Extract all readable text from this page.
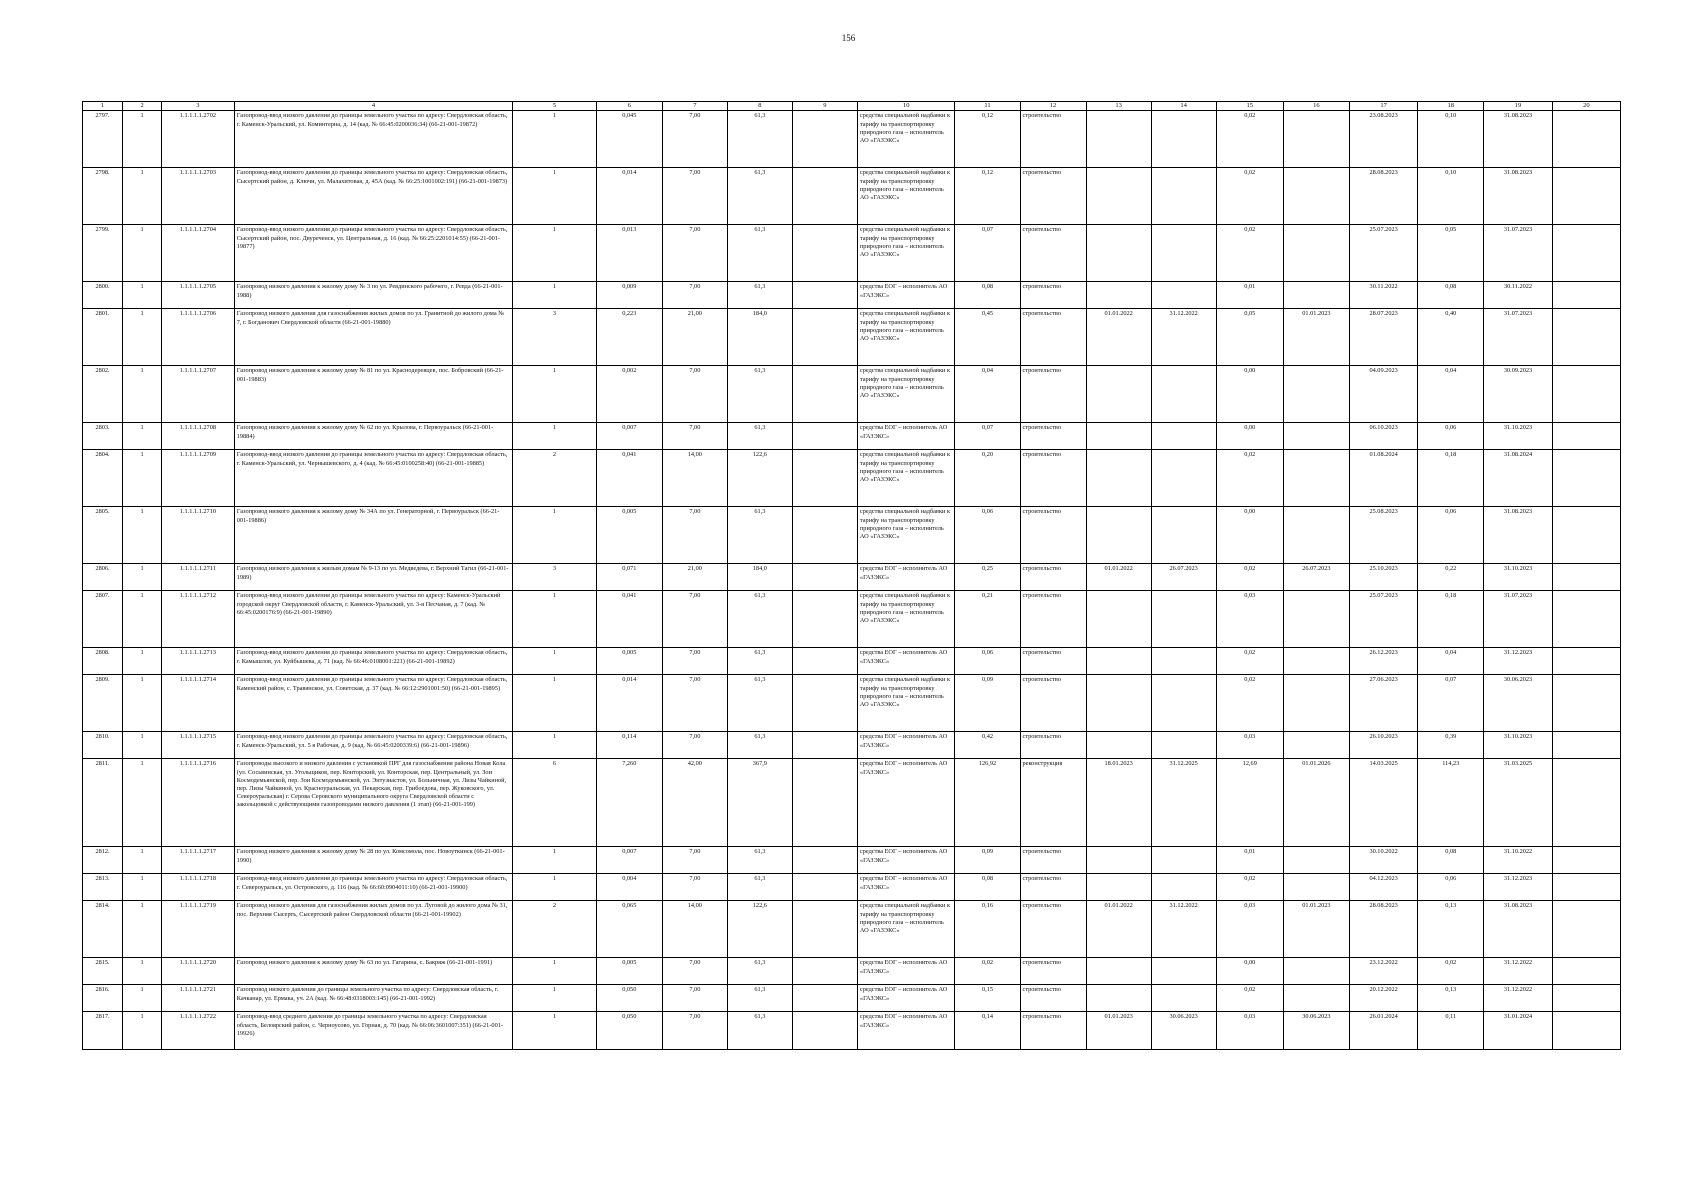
156
1	2	3	4	5	6	7	8	9	10	11	12	13	14	15	16	17	18	19	20
2797.	1	1.1.1.1.1.2702	Газопровод-ввод низкого давления до границы земельного участка по адресу: Свердловская область, г. Каменск-Уральский, ул. Коминтерна, д. 14 (кад. № 66:45:0200036:34) (66-21-001-19872)	1	0,045	7,00	61,3		средства специальной надбавки к тарифу на транспортировку природного газа – исполнитель АО «ГАЗЭКС»	0,12	строительство			0,02		23.08.2023	0,10	31.08.2023	
2798.	1	1.1.1.1.1.2703	Газопровод-ввод низкого давления до границы земельного участка по адресу: Свердловская область, Сысертский район, д. Ключи, ул. Малахитовая, д. 45А (кад. № 66:25:1001002:191) (66-21-001-19873)	1	0,014	7,00	61,3		средства специальной надбавки к тарифу на транспортировку природного газа – исполнитель АО «ГАЗЭКС»	0,12	строительство			0,02		28.08.2023	0,10	31.08.2023	
2799.	1	1.1.1.1.1.2704	Газопровод-ввод низкого давления до границы земельного участка по адресу: Свердловская область, Сысертский район, пос. Двуреченск, ул. Центральная, д. 16 (кад. № 66:25:2201014:55) (66-21-001-19877)	1	0,013	7,00	61,3		средства специальной надбавки к тарифу на транспортировку природного газа – исполнитель АО «ГАЗЭКС»	0,07	строительство			0,02		25.07.2023	0,05	31.07.2023	
2800.	1	1.1.1.1.1.2705	Газопровод низкого давления к жилому дому № 3 по ул. Ревдинского рабочего, г. Ревда (66-21-001-1988)	1	0,009	7,00	61,3		средства ЕОГ – исполнитель АО «ГАЗЭКС»	0,08	строительство			0,01		30.11.2022	0,08	30.11.2022	
2801.	1	1.1.1.1.1.2706	Газопровод низкого давления для газоснабжения жилых домов по ул. Гранитной до жилого дома № 7, г. Богданович Свердловской области (66-21-001-19880)	3	0,223	21,00	184,0		средства специальной надбавки к тарифу на транспортировку природного газа – исполнитель АО «ГАЗЭКС»	0,45	строительство	01.01.2022	31.12.2022	0,05	01.01.2023	28.07.2023	0,40	31.07.2023	
2802.	1	1.1.1.1.1.2707	Газопровод низкого давления к жилому дому № 81 по ул. Краснодеревцев, пос. Бобровский (66-21-001-19883)	1	0,002	7,00	61,3		средства специальной надбавки к тарифу на транспортировку природного газа – исполнитель АО «ГАЗЭКС»	0,04	строительство			0,00		04.09.2023	0,04	30.09.2023	
2803.	1	1.1.1.1.1.2708	Газопровод низкого давления к жилому дому № 62 по ул. Крылова, г. Первоуральск (66-21-001-19884)	1	0,007	7,00	61,3		средства ЕОГ – исполнитель АО «ГАЗЭКС»	0,07	строительство			0,00		06.10.2023	0,06	31.10.2023	
2804.	1	1.1.1.1.1.2709	Газопровод-ввод низкого давления до границы земельного участка по адресу: Свердловская область, г. Каменск-Уральский, ул. Чернышевского, д. 4 (кад. № 66:45:0100258:40) (66-21-001-19885)	2	0,041	14,00	122,6		средства специальной надбавки к тарифу на транспортировку природного газа – исполнитель АО «ГАЗЭКС»	0,20	строительство			0,02		01.08.2024	0,18	31.08.2024	
2805.	1	1.1.1.1.1.2710	Газопровод низкого давления к жилому дому № 34А по ул. Генераторной, г. Первоуральск (66-21-001-19886)	1	0,005	7,00	61,3		средства специальной надбавки к тарифу на транспортировку природного газа – исполнитель АО «ГАЗЭКС»	0,06	строительство			0,00		25.08.2023	0,06	31.08.2023	
2806.	1	1.1.1.1.1.2711	Газопровод низкого давления к жилым домам № 9-13 по ул. Медведева, г. Верхний Тагил (66-21-001-1989)	3	0,071	21,00	184,0		средства ЕОГ – исполнитель АО «ГАЗЭКС»	0,25	строительство	01.01.2022	26.07.2023	0,02	26.07.2023	25.10.2023	0,22	31.10.2023	
2807.	1	1.1.1.1.1.2712	Газопровод-ввод низкого давления до границы земельного участка по адресу: Каменск-Уральский городской округ Свердловской области, г. Каменск-Уральский, ул. 3-я Песчаная, д. 7 (кад. № 66:45:0200176:9) (66-21-001-19890)	1	0,041	7,00	61,3		средства специальной надбавки к тарифу на транспортировку природного газа – исполнитель АО «ГАЗЭКС»	0,21	строительство			0,03		25.07.2023	0,18	31.07.2023	
2808.	1	1.1.1.1.1.2713	Газопровод-ввод низкого давления до границы земельного участка по адресу: Свердловская область, г. Камышлов, ул. Куйбышева, д. 71 (кад. № 66:46:0108001:221) (66-21-001-19892)	1	0,005	7,00	61,3		средства ЕОГ – исполнитель АО «ГАЗЭКС»	0,06	строительство			0,02		26.12.2023	0,04	31.12.2023	
2809.	1	1.1.1.1.1.2714	Газопровод-ввод низкого давления до границы земельного участка по адресу: Свердловская область, Каменский район, с. Травянское, ул. Советская, д. 37 (кад. № 66:12:2901001:50) (66-21-001-19895)	1	0,014	7,00	61,3		средства специальной надбавки к тарифу на транспортировку природного газа – исполнитель АО «ГАЗЭКС»	0,09	строительство			0,02		27.06.2023	0,07	30.06.2023	
2810.	1	1.1.1.1.1.2715	Газопровод-ввод низкого давления до границы земельного участка по адресу: Свердловская область, г. Каменск-Уральский, ул. 5 я Рабочая, д. 9 (кад. № 66:45:0200339:6) (66-21-001-19896)	1	0,114	7,00	61,3		средства ЕОГ – исполнитель АО «ГАЗЭКС»	0,42	строительство			0,03		26.10.2023	0,39	31.10.2023	
2811.	1	1.1.1.1.1.2716	Газопроводы высокого и низкого давления с установкой ПРГ для газоснабжения района Новая Кола (ул. Сосьвинская, ул. Угольщиков, пер. Конторский, ул. Конторская, пер. Центральный, ул. Зои Космодемьянской, пер. Зои Космодемьянской, ул. Энтузиастов, ул. Больничная, ул. Лизы Чайкиной, пер. Лизы Чайкиной, ул. Красноуральская, ул. Пекарская, пер. Грибоедова, пер. Жуковского, ул. Североуральская) г. Серова Серовского муниципального округа Свердловской области с закольцовкой с действующими газопроводами низкого давления (1 этап) (66-21-001-199)	6	7,260	42,00	367,9		средства ЕОГ – исполнитель АО «ГАЗЭКС»	126,92	реконструкция	18.01.2023	31.12.2025	12,69	01.01.2026	14.03.2025	114,23	31.03.2025	
2812.	1	1.1.1.1.1.2717	Газопровод низкого давления к жилому дому № 28 по ул. Комсомола, пос. Новоуткинск (66-21-001-1990)	1	0,007	7,00	61,3		средства ЕОГ – исполнитель АО «ГАЗЭКС»	0,09	строительство			0,01		30.10.2022	0,08	31.10.2022	
2813.	1	1.1.1.1.1.2718	Газопровод-ввод низкого давления до границы земельного участка по адресу: Свердловская область, г. Североуральск, ул. Островского, д. 116 (кад. № 66:60:0904011:10) (66-21-001-19900)	1	0,004	7,00	61,3		средства ЕОГ – исполнитель АО «ГАЗЭКС»	0,08	строительство			0,02		04.12.2023	0,06	31.12.2023	
2814.	1	1.1.1.1.1.2719	Газопровод низкого давления для газоснабжения жилых домов по ул. Луговой до жилого дома № 31, пос. Верхняя Сысерть, Сысертский район Свердловской области (66-21-001-19902)	2	0,065	14,00	122,6		средства специальной надбавки к тарифу на транспортировку природного газа – исполнитель АО «ГАЗЭКС»	0,16	строительство	01.01.2022	31.12.2022	0,03	01.01.2023	28.08.2023	0,13	31.08.2023	
2815.	1	1.1.1.1.1.2720	Газопровод низкого давления к жилому дому № 63 по ул. Гагарина, с. Бакряж (66-21-001-1991)	1	0,005	7,00	61,3		средства ЕОГ – исполнитель АО «ГАЗЭКС»	0,02	строительство			0,00		23.12.2022	0,02	31.12.2022	
2816.	1	1.1.1.1.1.2721	Газопровод низкого давления до границы земельного участка по адресу: Свердловская область, г. Качканар, ул. Ермака, уч. 2А (кад. № 66:48:0318003:145) (66-21-001-1992)	1	0,050	7,00	61,3		средства ЕОГ – исполнитель АО «ГАЗЭКС»	0,15	строительство			0,02		20.12.2022	0,13	31.12.2022	
2817.	1	1.1.1.1.1.2722	Газопровод-ввод среднего давления до границы земельного участка по адресу: Свердловская область, Белоярский район, с. Черноусово, ул. Горная, д. 70 (кад. № 66:06:3601007:351) (66-21-001-19926)	1	0,050	7,00	61,3		средства ЕОГ – исполнитель АО «ГАЗЭКС»	0,14	строительство	01.01.2023	30.06.2023	0,03	30.06.2023	26.01.2024	0,11	31.01.2024	
